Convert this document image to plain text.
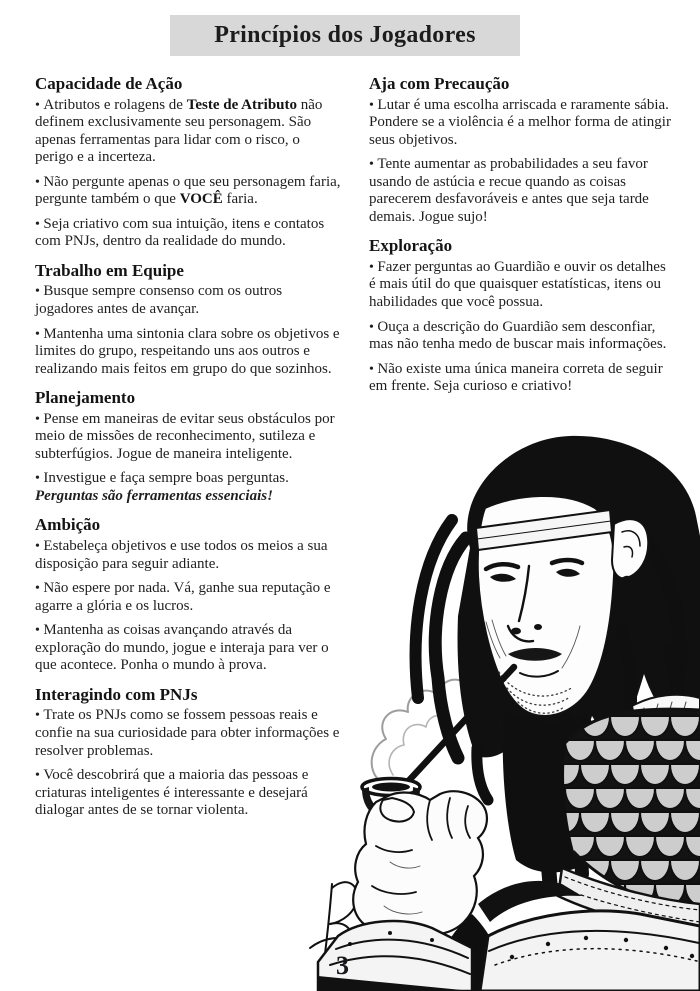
Princípios dos Jogadores
Capacidade de Ação

• Atributos e rolagens de Teste de Atributo não definem exclusivamente seu personagem. São apenas ferramentas para lidar com o risco, o perigo e a incerteza.

• Não pergunte apenas o que seu personagem faria, pergunte também o que VOCÊ faria.

• Seja criativo com sua intuição, itens e contatos com PNJs, dentro da realidade do mundo.

Trabalho em Equipe

• Busque sempre consenso com os outros jogadores antes de avançar.

• Mantenha uma sintonia clara sobre os objetivos e limites do grupo, respeitando uns aos outros e realizando mais feitos em grupo do que sozinhos.

Planejamento

• Pense em maneiras de evitar seus obstáculos por meio de missões de reconhecimento, sutileza e subterfúgios. Jogue de maneira inteligente.

• Investigue e faça sempre boas perguntas. Perguntas são ferramentas essenciais!

Ambição

• Estabeleça objetivos e use todos os meios a sua disposição para seguir adiante.

• Não espere por nada. Vá, ganhe sua reputação e agarre a glória e os lucros.

• Mantenha as coisas avançando através da exploração do mundo, jogue e interaja para ver o que acontece. Ponha o mundo à prova.

Interagindo com PNJs

• Trate os PNJs como se fossem pessoas reais e confie na sua curiosidade para obter informações e resolver problemas.

• Você descobrirá que a maioria das pessoas e criaturas inteligentes é interessante e desejará dialogar antes de se tornar violenta.

Aja com Precaução

• Lutar é uma escolha arriscada e raramente sábia. Pondere se a violência é a melhor forma de atingir seus objetivos.

• Tente aumentar as probabilidades a seu favor usando de astúcia e recue quando as coisas parecerem desfavoráveis e antes que seja tarde demais. Jogue sujo!

Exploração

• Fazer perguntas ao Guardião e ouvir os detalhes é mais útil do que quaisquer estatísticas, itens ou habilidades que você possua.

• Ouça a descrição do Guardião sem desconfiar, mas não tenha medo de buscar mais informações.

• Não existe uma única maneira correta de seguir em frente. Seja curioso e criativo!

3
